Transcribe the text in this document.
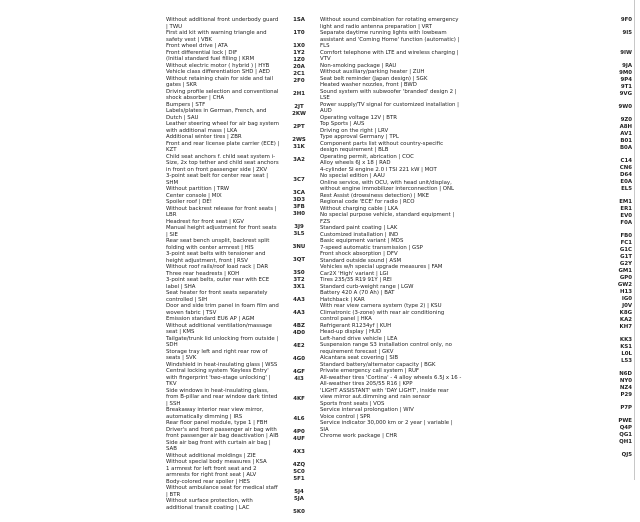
Without additional front underbody guard | TWU

First aid kit with warning triangle and safety vest | VBK

Front wheel drive | ATA

Front differential lock | DIF

(Initial standard fuel filling | KRM

Without electric motor ( hybrid ) | HYB

Vehicle class differentiation SHD | AED

Without retaining chain for side and tail gates | SKR

Driving profile selection and conventional shock absorber | CHA

Bumpers | STF

Labels/plates in German, French, and Dutch | SAU

Leather steering wheel for air bag system with additional mass | LKA

Additional winter tires | ZBR

Front and rear license plate carrier (ECE) | KZT

Child seat anchors f. child seat system i-Size, 2x top tether and child seat anchors in front on front passenger side | ZKV

3-point seat belt for center rear seat | SHM

Without partition | TRW

Center console | MIX

Spoiler roof | DE!

Without backrest release for front seats | LBR

Headrest for front seat | KGV

Manual height adjustment for front seats | SIE

Rear seat bench unsplit, backrest split folding with center armrest | HIS

3-point seat belts with tensioner and height adjustment, front | RSV

Without roof rails/roof load rack | DAR

Three rear headrests | KOH

3-point seat belts, outer rear with ECE label | SHA

Seat heater for front seats separately controlled | SIH

Door and side trim panel in foam film and woven fabric | TSV

Emission standard EU6 AP | AGM

Without additional ventilation/massage seat | KMS

Tailgate/trunk lid unlocking from outside | SDH

Storage tray left and right rear row of seats | SVK

Windshield in heat-insulating glass | WSS

Central locking system 'Keyless Entry' with fingerprint 'two-stage unlocking' | TKV

Side windows in heat-insulating glass, from B-pillar and rear window dark tinted | SSH

Breakaway interior rear view mirror, automatically dimming | IRS

Rear floor panel module, type 1 | FBH

Driver's and front passenger air bag with front passenger air bag deactivation | AIB

Side air bag front with curtain air bag | SAB

Without additional moldings | ZIE

Without special body measures | KSA

1 armrest for left front seat and 2 armrests for right front seat | ALV

Body-colored rear spoiler | HES

Without ambulance seat for medical staff | BTR

Without surface protection, with additional transit coating | LAC

1SA

1T0

1X0

1Y2

1Z0

20A

2C1

2F0

2H1

2JT

2KW

2PT

2WS

31K

3A2

3C7

3CA

3D3

3FB

3H0

3J9

3L5

3NU

3QT

3S0

3T2

3X1

4A3

4A3

4BZ

4D0

4E2

4G0

4GF

4I3

4KF

4L6

4P0

4UF

4X3

4ZQ

5C0

5F1

5J4

5JA

5K0

Without sound combination for rotating emergency light and radio antenna preparation | VRT

Separate daytime running lights with lowbeam assistant and 'Coming Home' function (automatic) | FLS

Comfort telephone with LTE and wireless charging | VTV

Non-smoking package | RAU

Without auxiliary/parking heater | ZUH

Seat belt reminder (Japan design) | SGK

Heated washer nozzles, front | BWD

Sound system with subwoofer 'branded' design 2 | LSE

Power supply/TV signal for customized installation | AUD

Operating voltage 12V | BTR

Top Sports | AUS

Driving on the right | LRV

Type approval Germany | TPL

Component parts list without country-specific design requirement | BLB

Operating permit, abrication | COC

Alloy wheels 6J x 18 | RAD

4-cylinder SI engine 2.0 l TSI 221 kW | MOT

No special edition | AAU

Online service, with OCU, with head unit/display, without engine immobilizer interconnection | ONL

Rest Assist (drowsiness detection) | MKE

Regional code 'ECE' for radio | RCO

Without charging cable | LKA

No special purpose vehicle, standard equipment | FZS

Standard paint coating | LAK

Customized installation | IND

Basic equipment variant | MDS

7-speed automatic transmission | GSP

Front shock absorption | DFV

Standard outside sound | ASM

Vehicles w/h special upgrade measures | FAM

Car2X 'High' variant | LGI

Tires 235/35 R19 91Y | REI

Standard curb-weight range | LGW

Battery 420 A (70 Ah) | BAT

Hatchback | KAR

With rear view camera system (type 2) | KSU

Climatronic (3-zone) with rear air conditioning control panel | HKA

Refrigerant R1234yf | KUH

Head-up display | HUD

Left-hand drive vehicle | LEA

Suspension range S3 installation control only, no requirement forecast | GKV

Alcantara seat covering | SIB

Standard battery/alternator capacity | BGK

Private emergency call system | RUF

All-weather tires 'Cortina' - 4 alloy wheels 6.5J x 16 - All-weather tires 205/55 R16 | KPP

'LIGHT ASSISTANT' with 'DAY LIGHT', inside rear view mirror aut.dimming and rain sensor

Sports front seats | VOS

Service interval prolongation | WIV

Voice control | SPR

Service indicator 30,000 km or 2 year | variable | SIA

Chrome work package | CHR

9F0

9I5

9IW

9JA

9M0

9P4

9T1

9VG

9W0

9Z0

A8H

AV1

B01

B0A

C14

CN6

D64

E0A

EL5

EM1

ER1

EV0

F0A

FB0

FC1

G1C

G1T

G2Y

GM1

GP0

GW2

H13

IG0

J0V

K8G

KA2

KH7

KK3

KS1

L0L

L53

N6D

NY0

NZ4

P29

P7P

PWE

Q4P

QG1

QH1

QJ5
